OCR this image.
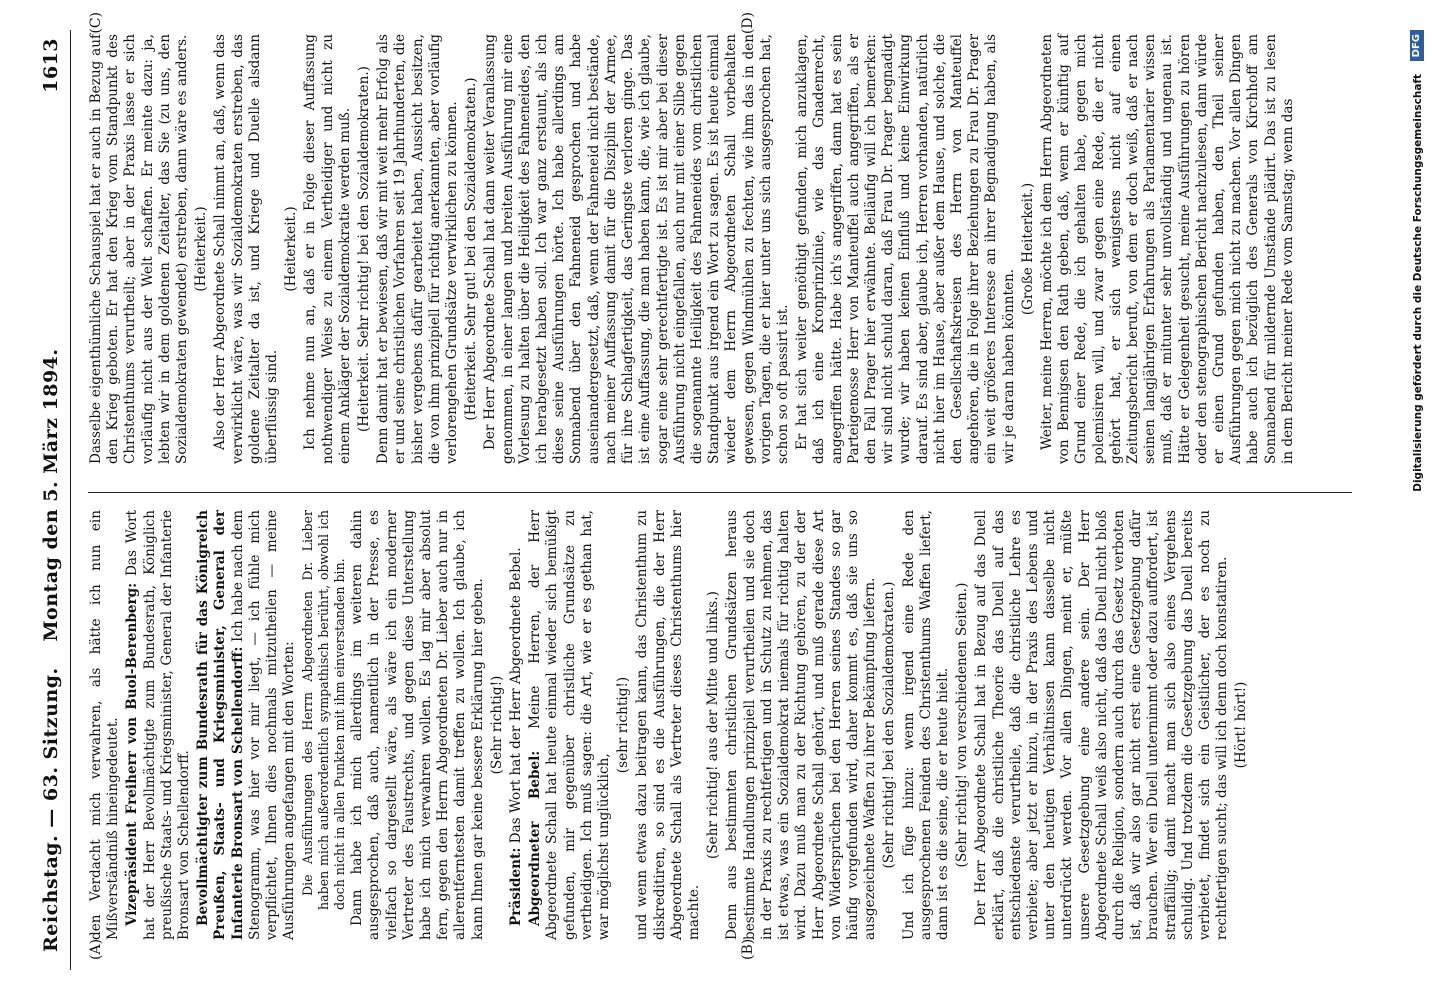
Reichstag. — 63. Sitzung.
Montag den 5. März 1894.
1613
(A)	(B)
(C)	(D)

den Verdacht mich verwahren, als hätte ich nun ein Mißverständniß hineingedeutet. Vizepräsident Freiherr von Buol-Berenberg: Das Wort hat der Herr Bevollmächtigte zum Bundesrath, Königlich preußische Staats- und Kriegsminister, General der Infanterie Bronsart von Schellendorff. Bevollmächtigter zum Bundesrath für das Königreich Preußen, Staats- und Kriegsminister, General der Infanterie Bronsart von Schellendorff: Ich habe nach dem Stenogramm, was hier vor mir liegt, — ich fühle mich verpflichtet, Ihnen dies nochmals mitzutheilen — meine Ausführungen angefangen mit den Worten: Die Ausführungen des Herrn Abgeordneten Dr. Lieber haben mich außerordentlich sympathisch berührt, obwohl ich doch nicht in allen Punkten mit ihm einverstanden bin. Dann habe ich mich allerdings im weiteren dahin ausgesprochen, daß auch, namentlich in der Presse, es vielfach so dargestellt wäre, als wäre ich ein moderner Vertreter des Faustrechts, und gegen diese Unterstellung habe ich mich verwahren wollen. Es lag mir aber absolut fern, gegen den Herrn Abgeordneten Dr. Lieber auch nur in allerentferntesten damit treffen zu wollen. Ich glaube, ich kann Ihnen gar keine bessere Erklärung hier geben. (Sehr richtig!)

Präsident: Das Wort hat der Herr Abgeordnete Bebel. Abgeordneter Bebel: Meine Herren, der Herr Abgeordnete Schall hat heute einmal wieder sich bemüßigt gefunden, mir gegenüber christliche Grundsätze zu vertheidigen. Ich muß sagen: die Art, wie er es gethan hat, war möglichst unglücklich,

(sehr richtig!) und wenn etwas dazu beitragen kann, das Christenthum zu diskreditiren, so sind es die Ausführungen, die der Herr Abgeordnete Schall als Vertreter dieses Christenthums hier machte.

(Sehr richtig! aus der Mitte und links.) Denn aus bestimmten christlichen Grundsätzen heraus bestimmte Handlungen prinzipiell verurtheilen und sie doch in der Praxis zu rechtfertigen und in Schutz zu nehmen, das ist etwas, was ein Sozialdemokrat niemals für richtig halten wird. Dazu muß man zu der Richtung gehören, zu der der Herr Abgeordnete Schall gehört, und muß gerade diese Art von Widersprüchen bei den Herren seines Standes so gar häufig vorgefunden wird, daher kommt es, daß sie uns so ausgezeichnete Waffen zu ihrer Bekämpfung liefern. (Sehr richtig! bei den Sozialdemokraten.) Und ich füge hinzu: wenn irgend eine Rede den ausgesprochenen Feinden des Christenthums Waffen liefert, dann ist es die seine, die er heute hielt. (Sehr richtig! von verschiedenen Seiten.) Der Herr Abgeordnete Schall hat in Bezug auf das Duell erklärt, daß die christliche Theorie das Duell auf das entschiedenste verurtheile, daß die christliche Lehre es verbiete; aber jetzt er hinzu, in der Praxis des Lebens und unter den heutigen Verhältnissen kann dasselbe nicht unterdrückt werden. Vor allen Dingen, meint er, müßte unsere Gesetzgebung eine andere sein. Der Herr Abgeordnete Schall weiß also nicht, daß das Duell nicht bloß durch die Religion, sondern auch durch das Gesetz verboten ist, daß wir also gar nicht erst eine Gesetzgebung dafür brauchen. Wer ein Duell unternimmt oder dazu auffordert, ist straffällig; damit macht man sich also eines Vergehens schuldig. Und trotzdem die Gesetzgebung das Duell bereits verbietet, findet sich ein Geistlicher, der es noch zu rechtfertigen sucht; das will ich denn doch konstatiren. (Hört! hört!)

Dasselbe eigenthümliche Schauspiel hat er auch in Bezug auf den Krieg geboten. Er hat den Krieg vom Standpunkt des Christenthums verurtheilt; aber in der Praxis lasse er sich vorläufig nicht aus der Welt schaffen. Er meinte dazu: ja, lebten wir in dem goldenen Zeitalter, das Sie (zu uns, den Sozialdemokraten gewendet) erstreben, dann wäre es anders. (Heiterkeit.) Also der Herr Abgeordnete Schall nimmt an, daß, wenn das verwirklicht wäre, was wir Sozialdemokraten erstreben, das goldene Zeitalter da ist, und Kriege und Duelle alsdann überflüssig sind.

(Heiterkeit.) Ich nehme nun an, daß er in Folge dieser Auffassung nothwendiger Weise zu einem Vertheidiger und nicht zu einem Ankläger der Sozialdemokratie werden muß. (Heiterkeit. Sehr richtig! bei den Sozialdemokraten.) Denn damit hat er bewiesen, daß wir mit weit mehr Erfolg als er und seine christlichen Vorfahren seit 19 Jahrhunderten, die bisher vergebens dafür gearbeitet haben, Aussicht besitzen, die von ihm prinzipiell für richtig anerkannten, aber vorläufig verlorengehen Grundsätze verwirklichen zu können. (Heiterkeit. Sehr gut! bei den Sozialdemokraten.) Der Herr Abgeordnete Schall hat dann weiter Veranlassung genommen, in einer langen und breiten Ausführung mir eine Vorlesung zu halten über die Heiligkeit des Fahneneides, den ich herabgesetzt haben soll. Ich war ganz erstaunt, als ich diese seine Ausführungen hörte. Ich habe allerdings am Sonnabend über den Fahneneid gesprochen und habe auseinandergesetzt, daß, wenn der Fahneneid nicht bestände, nach meiner Auffassung damit für die Disziplin der Armee, für ihre Schlagfertigkeit, das Geringste verloren ginge. Das ist eine Auffassung, die man haben kann, die, wie ich glaube, sogar eine sehr gerechtfertigte ist. Es ist mir aber bei dieser Ausführung nicht eingefallen, auch nur mit einer Silbe gegen die sogenannte Heiligkeit des Fahneneides vom christlichen Standpunkt aus irgend ein Wort zu sagen. Es ist heute einmal wieder dem Herrn Abgeordneten Schall vorbehalten gewesen, gegen Windmühlen zu fechten, wie ihm das in den vorigen Tagen, die er hier unter uns sich ausgesprochen hat, schon so oft passirt ist. Er hat sich weiter genöthigt gefunden, mich anzuklagen, daß ich eine Kronprinzlinie, wie das Gnadenrecht, angegriffen hätte. Habe ich's angegriffen, dann hat es sein Parteigenosse Herr von Manteuffel auch angegriffen, als er den Fall Prager hier erwähnte. Beiläufig will ich bemerken: wir sind nicht schuld daran, daß Frau Dr. Prager begnadigt wurde; wir haben keinen Einfluß und keine Einwirkung darauf. Es sind aber, glaube ich, Herren vorhanden, natürlich nicht hier im Hause, aber außer dem Hause, und solche, die den Gesellschaftskreisen des Herrn von Manteuffel angehören, die in Folge ihrer Beziehungen zu Frau Dr. Prager ein weit größeres Interesse an ihrer Begnadigung haben, als wir je daran haben könnten.

(Große Heiterkeit.) Weiter, meine Herren, möchte ich dem Herrn Abgeordneten von Bennigsen den Rath geben, daß, wenn er künftig auf Grund einer Rede, die ich gehalten habe, gegen mich polemisiren will, und zwar gegen eine Rede, die er nicht gehört hat, er sich wenigstens nicht auf einen Zeitungsbericht beruft, von dem er doch weiß, daß er nach seinen langjährigen Erfahrungen als Parlamentarier wissen muß, daß er mitunter sehr unvollständig und ungenau ist. Hätte er Gelegenheit gesucht, meine Ausführungen zu hören oder den stenographischen Bericht nachzulesen, dann würde er einen Grund gefunden haben, den Theil seiner Ausführungen gegen mich nicht zu machen. Vor allen Dingen habe auch ich bezüglich des Generals von Kirchhoff am Sonnabend für mildernde Umstände plädirt. Das ist zu lesen in dem Bericht meiner Rede vom Samstag; wenn das	Digitalisierung gefördert durch die Deutsche Forschungsgemeinschaft
DFG
